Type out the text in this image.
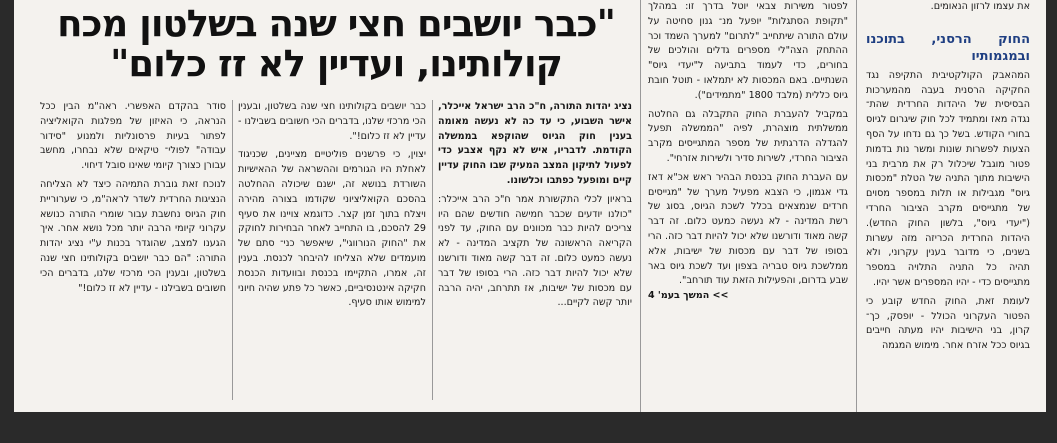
את עצמו לרזון הנאומים.

החוק הרסני, בתוכנו ובמגמותיו

המהאבק הקולקטיבית התקיפה נגד החקיקה הרסנית בעבה מהמערכות הבסיסית של היהדות החרדית שהת־ נגדה מאז ומתמיד לכל חוק שיגרום לגיוס בחורי הקודש. בשל כך גם נדחו על הסף הצעות לפשרות שונות ומשר נות בדמות פטור מוגבל שיכלול רק את מרבית בני הישיבות מתוך התניה של הטלת "מכסות גיוס" מגבילות או תלות במספר מסוים של מתגייסים מקרב הציבור החרדי ("יעדי גיוס", בלשון החוק החדש). היהדות החרדית הכריזה מזה עשרות בשנים, כי מדובר בענין עקרוני, ולא תהיה כל התניה התלויה במספר מתגייסים כדי - יהיו המספרים אשר יהיו.

לעומת זאת, החוק החדש קובע כי הפטור העקרוני הכולל - יופסק, כך־ קרון, בני הישיבות יהיו מעתה חייבים בגיוס ככל אזרח אחר. מימוש המגמה

לפטור משירות צבאי יוטל בדרך זו: במהלך "תקופת הסתגלות" יופעל מנ־ גנון סחיטה על עולם התורה שיתחייב "לתרום" למערך השמד וכר ההתחק הצה"לי מספרים גדלים והולכים של בחורים, כדי לעמוד בתביעה ל"יעדי גיוס" השנתיים. באם המכסות לא יתמלאו - תוטל חובת גיוס כללית (מלבד 1800 "מתמידים").

במקביל להעברת החוק התקבלה גם החלטה ממשלתית מוצהרת, לפיה "הממשלה תפעל להגדלה הדרגתית של מספר המתגייסים מקרב הציבור החרדי, לשירות סדיר ולשירות אזרחי".

עם העברת החוק בכנסת הבהיר ראש אכ"א דאז גדי אגמון, כי הצבא מפעיל מערך של "מגייסים חרדים שנמצאים בכלל לשכת הגיוס, בסוג של רשת המדינה - לא נעשה כמעט כלום. זה דבר קשה מאוד ודורשנו שלא יכול להיות דבר כזה. הרי בסופו של דבר עם מכסות של ישיבות, אלא ממלשכת גיוס טבריה בצפון ועד לשכת גיוס באר שבע בדרום, והפעילות הזאת עוד תורחב".

>> המשך בעמ' 4

"כבר יושבים חצי שנה בשלטון מכח קולותינו, ועדיין לא זז כלום"

נציג יהדות התורה, ח"כ הרב ישראל אייכלר, אישר השבוע, כי עד כה לא נעשה מאומה בענין חוק הגיוס שהוקפא בממשלה הקודמת. לדבריו, איש לא נקף אצבע כדי לפעול לתיקון המצב המעיק שבו החוק עדיין קיים ומופעל כפתבו וכלשונו.

בראיון לכלי התקשורת אמר ח"כ הרב אייכלר: "כולנו יודעים שכבר חמישה חודשים שהם היו צריכים להיות כבר מכוונים עם החוק, עד לפני הקריאה הראשונה של תקציב המדינה - לא נעשה כמעט כלום. זה דבר קשה מאוד ודורשנו שלא יכול להיות דבר כזה. הרי בסופו של דבר עם מכסות של ישיבות, אז תתרחב, יהיה הרבה יותר קשה לקיים...

כבר יושבים בקולותינו חצי שנה בשלטון, ובענין הכי מרכזי שלנו, בדברים הכי חשובים בשבילנו - עדיין לא זז כלום!".

יצוין, כי פרשנים פוליטיים מציינים, שכניגוד לאחלת היו הגורמים וההשראה של ההאישיות השורדת בנושא זה, ישנם שיכולה ההחלטה בהסכם הקואליציוני שקודמו בצורה מהירה ויצלח בתוך זמן קצר. כדוגמא צויינו את סעיף 29 להסכם, בו התחייב לאחר הבחירות לחוקק את "החוק הנורווגי", שיאפשר כני־ סתם של מועמדים שלא הצליחו להיבחר לכנסת. בענין זה, אמרו, התקיימו בכנסת ובוועדות הכנסת חקיקה אינטנסיביים, כאשר כל פתע שהיה חיוני למימוש אותו סעיף.

סודר בהקדם האפשרי. ראה"מ הבין ככל הנראה, כי האיזון של מפלגות הקואליציה לפתור בעיות פרסונליות ולמנוע "סידור עבודה" לפולי־ טיקאים שלא נבחרו, מחשב עבורן כצורך קיומי שאינו סובל דיחוי.

לנוכח זאת גוברת התמיהה כיצד לא הצליחה הנציגות החרדית לשדר לראה"מ, כי שערוריית חוק הגיוס נחשבת עבור שומרי התורה כנושא עקרוני קיומי הרבה יותר מכל נושא אחר. איך הגענו למצב, שהוגדר בכנות ע"י נציג יהדות התורה: "הם כבר יושבים בקולותינו חצי שנה בשלטון, ובענין הכי מרכזי שלנו, בדברים הכי חשובים בשבילנו - עדיין לא זז כלום!"
